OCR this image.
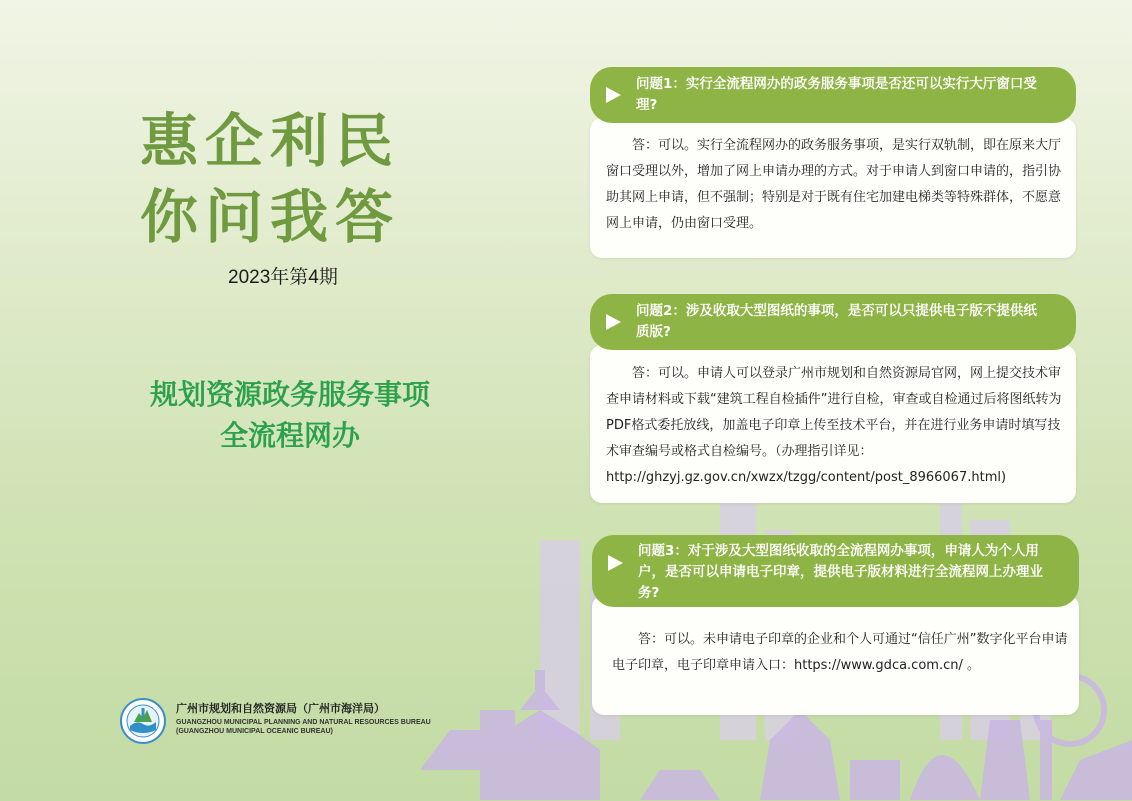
惠企利民
你问我答
2023年第4期
规划资源政务服务事项
全流程网办
广州市规划和自然资源局（广州市海洋局）
GUANGZHOU MUNICIPAL PLANNING AND NATURAL RESOURCES BUREAU
(GUANGZHOU MUNICIPAL OCEANIC BUREAU)
问题1：实行全流程网办的政务服务事项是否还可以实行大厅窗口受理?
答：可以。实行全流程网办的政务服务事项，是实行双轨制，即在原来大厅窗口受理以外，增加了网上申请办理的方式。对于申请人到窗口申请的，指引协助其网上申请，但不强制；特别是对于既有住宅加建电梯类等特殊群体，不愿意网上申请，仍由窗口受理。
问题2：涉及收取大型图纸的事项，是否可以只提供电子版不提供纸质版?
答：可以。申请人可以登录广州市规划和自然资源局官网，网上提交技术审查申请材料或下载“建筑工程自检插件”进行自检，审查或自检通过后将图纸转为PDF格式委托放线，加盖电子印章上传至技术平台，并在进行业务申请时填写技术审查编号或格式自检编号。（办理指引详见：http://ghzyj.gz.gov.cn/xwzx/tzgg/content/post_8966067.html)
问题3：对于涉及大型图纸收取的全流程网办事项，申请人为个人用户，是否可以申请电子印章，提供电子版材料进行全流程网上办理业务?
答：可以。未申请电子印章的企业和个人可通过“信任广州”数字化平台申请电子印章，电子印章申请入口：https://www.gdca.com.cn/ 。
